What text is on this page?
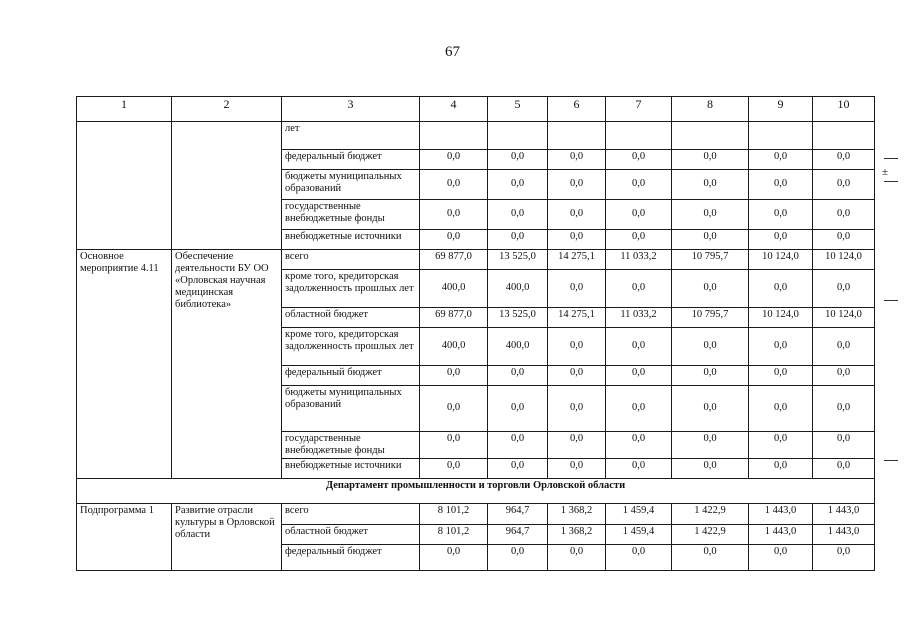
67
1	2	3	4	5	6	7	8	9	10
		лет							
		федеральный бюджет	0,0	0,0	0,0	0,0	0,0	0,0	0,0
		бюджеты муниципальных образований	0,0	0,0	0,0	0,0	0,0	0,0	0,0
		государственные внебюджетные фонды	0,0	0,0	0,0	0,0	0,0	0,0	0,0
		внебюджетные источники	0,0	0,0	0,0	0,0	0,0	0,0	0,0
Основное мероприятие 4.11	Обеспечение деятельности БУ ОО «Орловская научная медицинская библиотека»	всего	69 877,0	13 525,0	14 275,1	11 033,2	10 795,7	10 124,0	10 124,0
		кроме того, кредиторская задолженность прошлых лет	400,0	400,0	0,0	0,0	0,0	0,0	0,0
		областной бюджет	69 877,0	13 525,0	14 275,1	11 033,2	10 795,7	10 124,0	10 124,0
		кроме того, кредиторская задолженность прошлых лет	400,0	400,0	0,0	0,0	0,0	0,0	0,0
		федеральный бюджет	0,0	0,0	0,0	0,0	0,0	0,0	0,0
		бюджеты муниципальных образований	0,0	0,0	0,0	0,0	0,0	0,0	0,0
		государственные внебюджетные фонды	0,0	0,0	0,0	0,0	0,0	0,0	0,0
		внебюджетные источники	0,0	0,0	0,0	0,0	0,0	0,0	0,0
Департамент промышленности и торговли Орловской области									
Подпрограмма 1	Развитие отрасли культуры в Орловской области	всего	8 101,2	964,7	1 368,2	1 459,4	1 422,9	1 443,0	1 443,0
		областной бюджет	8 101,2	964,7	1 368,2	1 459,4	1 422,9	1 443,0	1 443,0
		федеральный бюджет	0,0	0,0	0,0	0,0	0,0	0,0	0,0
±
